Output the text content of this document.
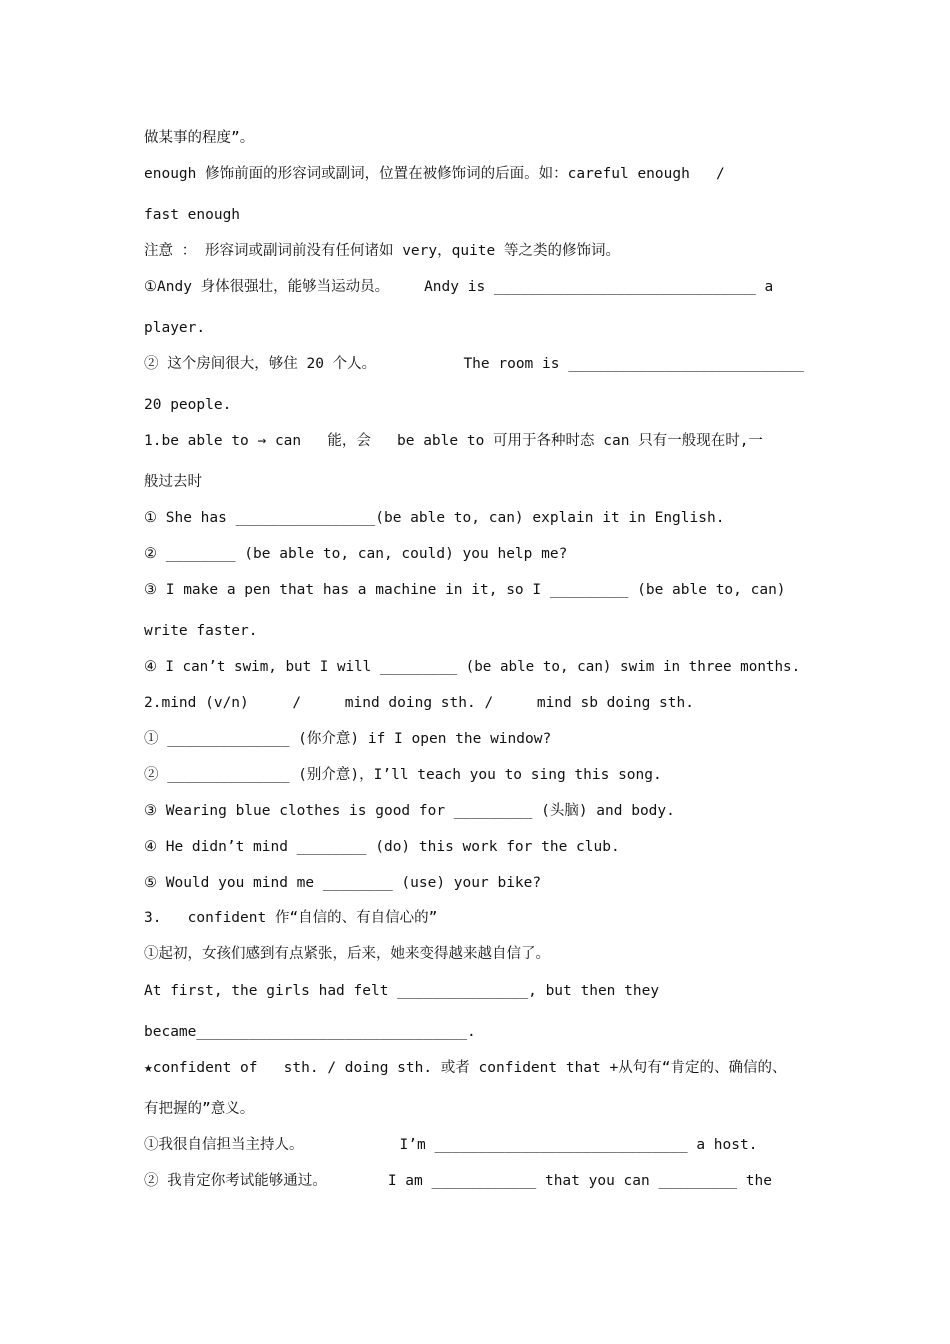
做某事的程度”。
enough 修饰前面的形容词或副词，位置在被修饰词的后面。如：careful enough   /
fast enough
注意 ： 形容词或副词前没有任何诸如 very，quite 等之类的修饰词。
①Andy 身体很强壮，能够当运动员。    Andy is ______________________________ a
player.
② 这个房间很大，够住 20 个人。          The room is ___________________________
20 people.
1.be able to → can   能，会   be able to 可用于各种时态 can 只有一般现在时,一
般过去时
① She has ________________(be able to, can) explain it in English.
② ________ (be able to, can, could) you help me?
③ I make a pen that has a machine in it, so I _________ (be able to, can)
write faster.
④ I can’t swim, but I will _________ (be able to, can) swim in three months.
2.mind (v/n)     /     mind doing sth. /     mind sb doing sth.
① ______________ (你介意) if I open the window?
② ______________ (别介意)，I’ll teach you to sing this song.
③ Wearing blue clothes is good for _________ (头脑) and body.
④ He didn’t mind ________ (do) this work for the club.
⑤ Would you mind me ________ (use) your bike?
3.   confident 作“自信的、有自信心的”
①起初，女孩们感到有点紧张，后来，她来变得越来越自信了。
At first, the girls had felt _______________, but then they
became_______________________________.
★confident of   sth. / doing sth. 或者 confident that +从句有“肯定的、确信的、
有把握的”意义。
①我很自信担当主持人。           I’m _____________________________ a host.
② 我肯定你考试能够通过。       I am ____________ that you can _________ the
